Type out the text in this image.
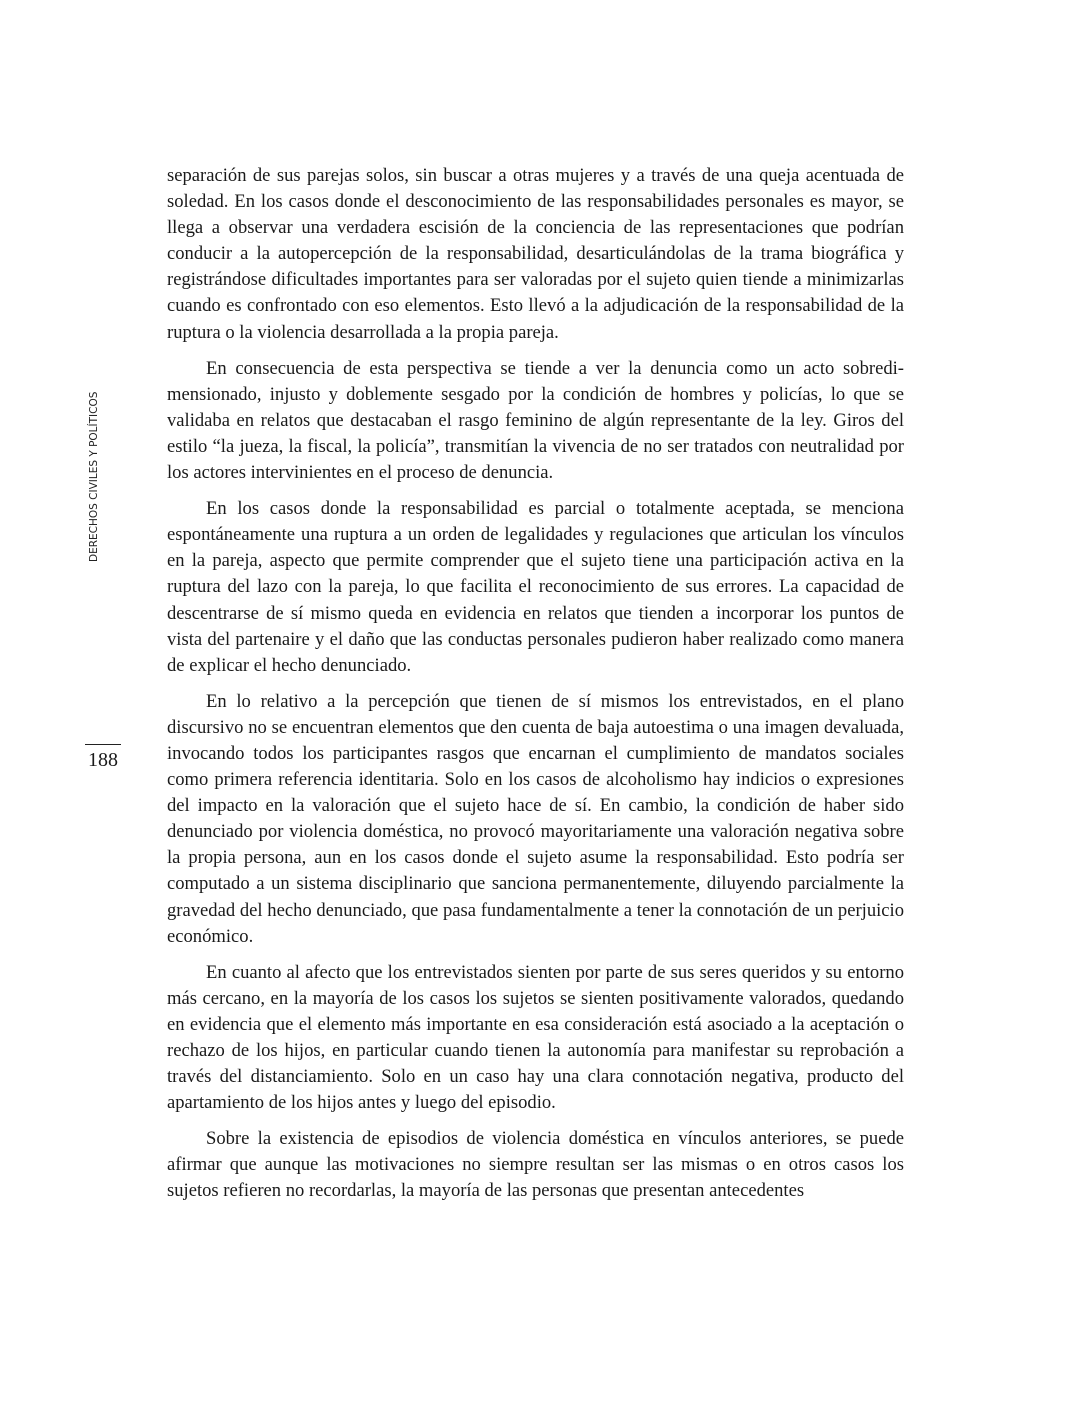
DERECHOS CIVILES Y POLÍTICOS
188

separación de sus parejas solos, sin buscar a otras mujeres y a través de una queja acentuada de soledad. En los casos donde el desconocimiento de las responsabilidades personales es mayor, se llega a observar una verdadera escisión de la conciencia de las representaciones que podrían conducir a la autopercepción de la responsabilidad, desarticulándolas de la trama biográfica y registrándose dificultades importantes para ser valoradas por el sujeto quien tiende a minimizarlas cuando es confrontado con eso elementos. Esto llevó a la adjudicación de la responsabilidad de la ruptura o la violencia desarrollada a la propia pareja.

En consecuencia de esta perspectiva se tiende a ver la denuncia como un acto sobredimensionado, injusto y doblemente sesgado por la condición de hombres y policías, lo que se validaba en relatos que destacaban el rasgo feminino de algún representante de la ley. Giros del estilo “la jueza, la fiscal, la policía”, transmitían la vivencia de no ser tratados con neutralidad por los actores intervinientes en el proceso de denuncia.

En los casos donde la responsabilidad es parcial o totalmente aceptada, se menciona espontáneamente una ruptura a un orden de legalidades y regulaciones que articulan los vínculos en la pareja, aspecto que permite comprender que el sujeto tiene una participación activa en la ruptura del lazo con la pareja, lo que facilita el reconocimiento de sus errores. La capacidad de descentrarse de sí mismo queda en evidencia en relatos que tienden a incorporar los puntos de vista del partenaire y el daño que las conductas personales pudieron haber realizado como manera de explicar el hecho denunciado.

En lo relativo a la percepción que tienen de sí mismos los entrevistados, en el plano discursivo no se encuentran elementos que den cuenta de baja autoestima o una imagen devaluada, invocando todos los participantes rasgos que encarnan el cumplimiento de mandatos sociales como primera referencia identitaria. Solo en los casos de alcoholismo hay indicios o expresiones del impacto en la valoración que el sujeto hace de sí. En cambio, la condición de haber sido denunciado por violencia doméstica, no provocó mayoritariamente una valoración negativa sobre la propia persona, aun en los casos donde el sujeto asume la responsabilidad. Esto podría ser computado a un sistema disciplinario que sanciona permanentemente, diluyendo parcialmente la gravedad del hecho denunciado, que pasa fundamentalmente a tener la connotación de un perjuicio económico.

En cuanto al afecto que los entrevistados sienten por parte de sus seres queridos y su entorno más cercano, en la mayoría de los casos los sujetos se sienten positivamente valorados, quedando en evidencia que el elemento más importante en esa consideración está asociado a la aceptación o rechazo de los hijos, en particular cuando tienen la autonomía para manifestar su reprobación a través del distanciamiento. Solo en un caso hay una clara connotación negativa, producto del apartamiento de los hijos antes y luego del episodio.

Sobre la existencia de episodios de violencia doméstica en vínculos anteriores, se puede afirmar que aunque las motivaciones no siempre resultan ser las mismas o en otros casos los sujetos refieren no recordarlas, la mayoría de las personas que presentan antecedentes
